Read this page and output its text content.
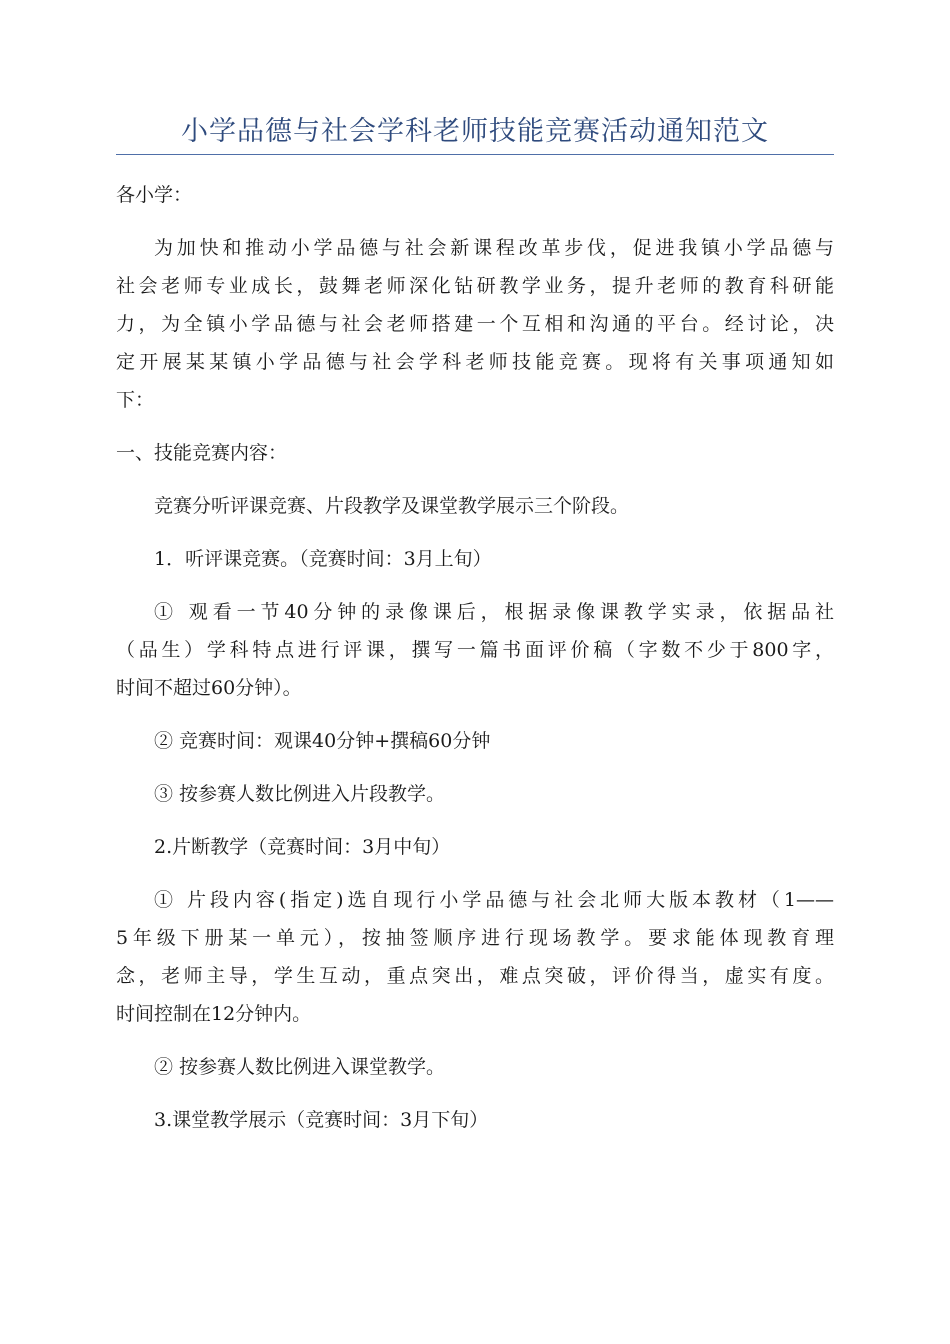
小学品德与社会学科老师技能竞赛活动通知范文

各小学：

为加快和推动小学品德与社会新课程改革步伐，促进我镇小学品德与
社会老师专业成长，鼓舞老师深化钻研教学业务，提升老师的教育科研能
力，为全镇小学品德与社会老师搭建一个互相和沟通的平台。经讨论，决
定开展某某镇小学品德与社会学科老师技能竞赛。现将有关事项通知如
下：

一、技能竞赛内容：

竞赛分听评课竞赛、片段教学及课堂教学展示三个阶段。

1．听评课竞赛。（竞赛时间：3月上旬）

① 观看一节40分钟的录像课后，根据录像课教学实录，依据品社
（品生）学科特点进行评课，撰写一篇书面评价稿（字数不少于800字，
时间不超过60分钟）。

② 竞赛时间：观课40分钟+撰稿60分钟

③ 按参赛人数比例进入片段教学。

2.片断教学（竞赛时间：3月中旬）

① 片段内容(指定)选自现行小学品德与社会北师大版本教材（1——
5年级下册某一单元），按抽签顺序进行现场教学。要求能体现教育理
念，老师主导，学生互动，重点突出，难点突破，评价得当，虚实有度。
时间控制在12分钟内。

② 按参赛人数比例进入课堂教学。

3.课堂教学展示（竞赛时间：3月下旬）
